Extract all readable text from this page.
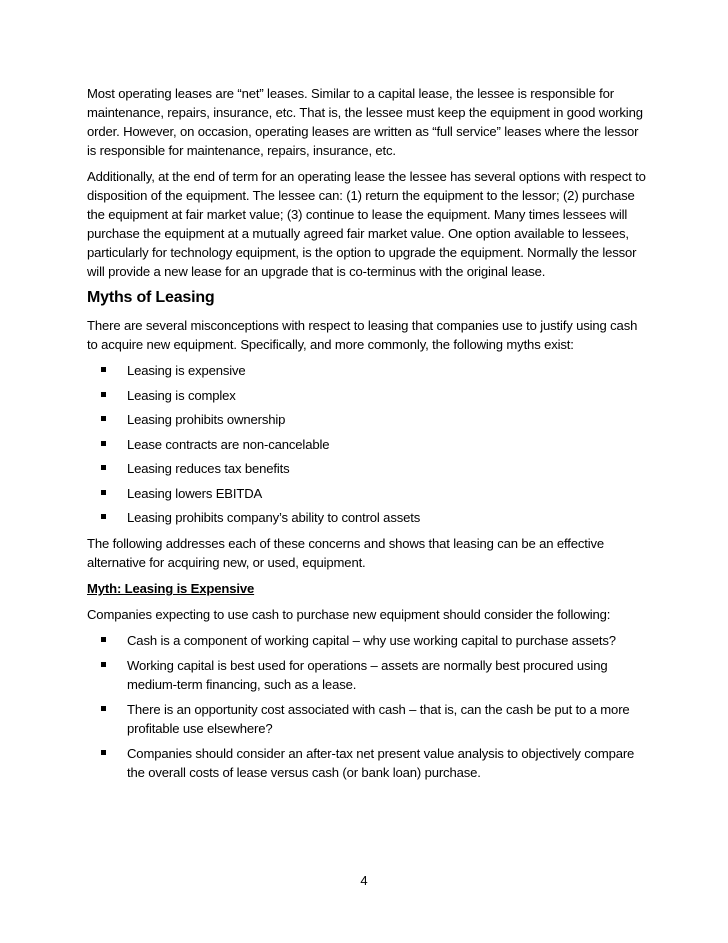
Most operating leases are “net” leases. Similar to a capital lease, the lessee is responsible for maintenance, repairs, insurance, etc. That is, the lessee must keep the equipment in good working order. However, on occasion, operating leases are written as “full service” leases where the lessor is responsible for maintenance, repairs, insurance, etc.

Additionally, at the end of term for an operating lease the lessee has several options with respect to disposition of the equipment. The lessee can: (1) return the equipment to the lessor; (2) purchase the equipment at fair market value; (3) continue to lease the equipment. Many times lessees will purchase the equipment at a mutually agreed fair market value. One option available to lessees, particularly for technology equipment, is the option to upgrade the equipment. Normally the lessor will provide a new lease for an upgrade that is co-terminus with the original lease.

Myths of Leasing

There are several misconceptions with respect to leasing that companies use to justify using cash to acquire new equipment. Specifically, and more commonly, the following myths exist:

Leasing is expensive
Leasing is complex
Leasing prohibits ownership
Lease contracts are non-cancelable
Leasing reduces tax benefits
Leasing lowers EBITDA
Leasing prohibits company’s ability to control assets

The following addresses each of these concerns and shows that leasing can be an effective alternative for acquiring new, or used, equipment.

Myth: Leasing is Expensive

Companies expecting to use cash to purchase new equipment should consider the following:

Cash is a component of working capital – why use working capital to purchase assets?
Working capital is best used for operations – assets are normally best procured using medium-term financing, such as a lease.
There is an opportunity cost associated with cash – that is, can the cash be put to a more profitable use elsewhere?
Companies should consider an after-tax net present value analysis to objectively compare the overall costs of lease versus cash (or bank loan) purchase.
4
